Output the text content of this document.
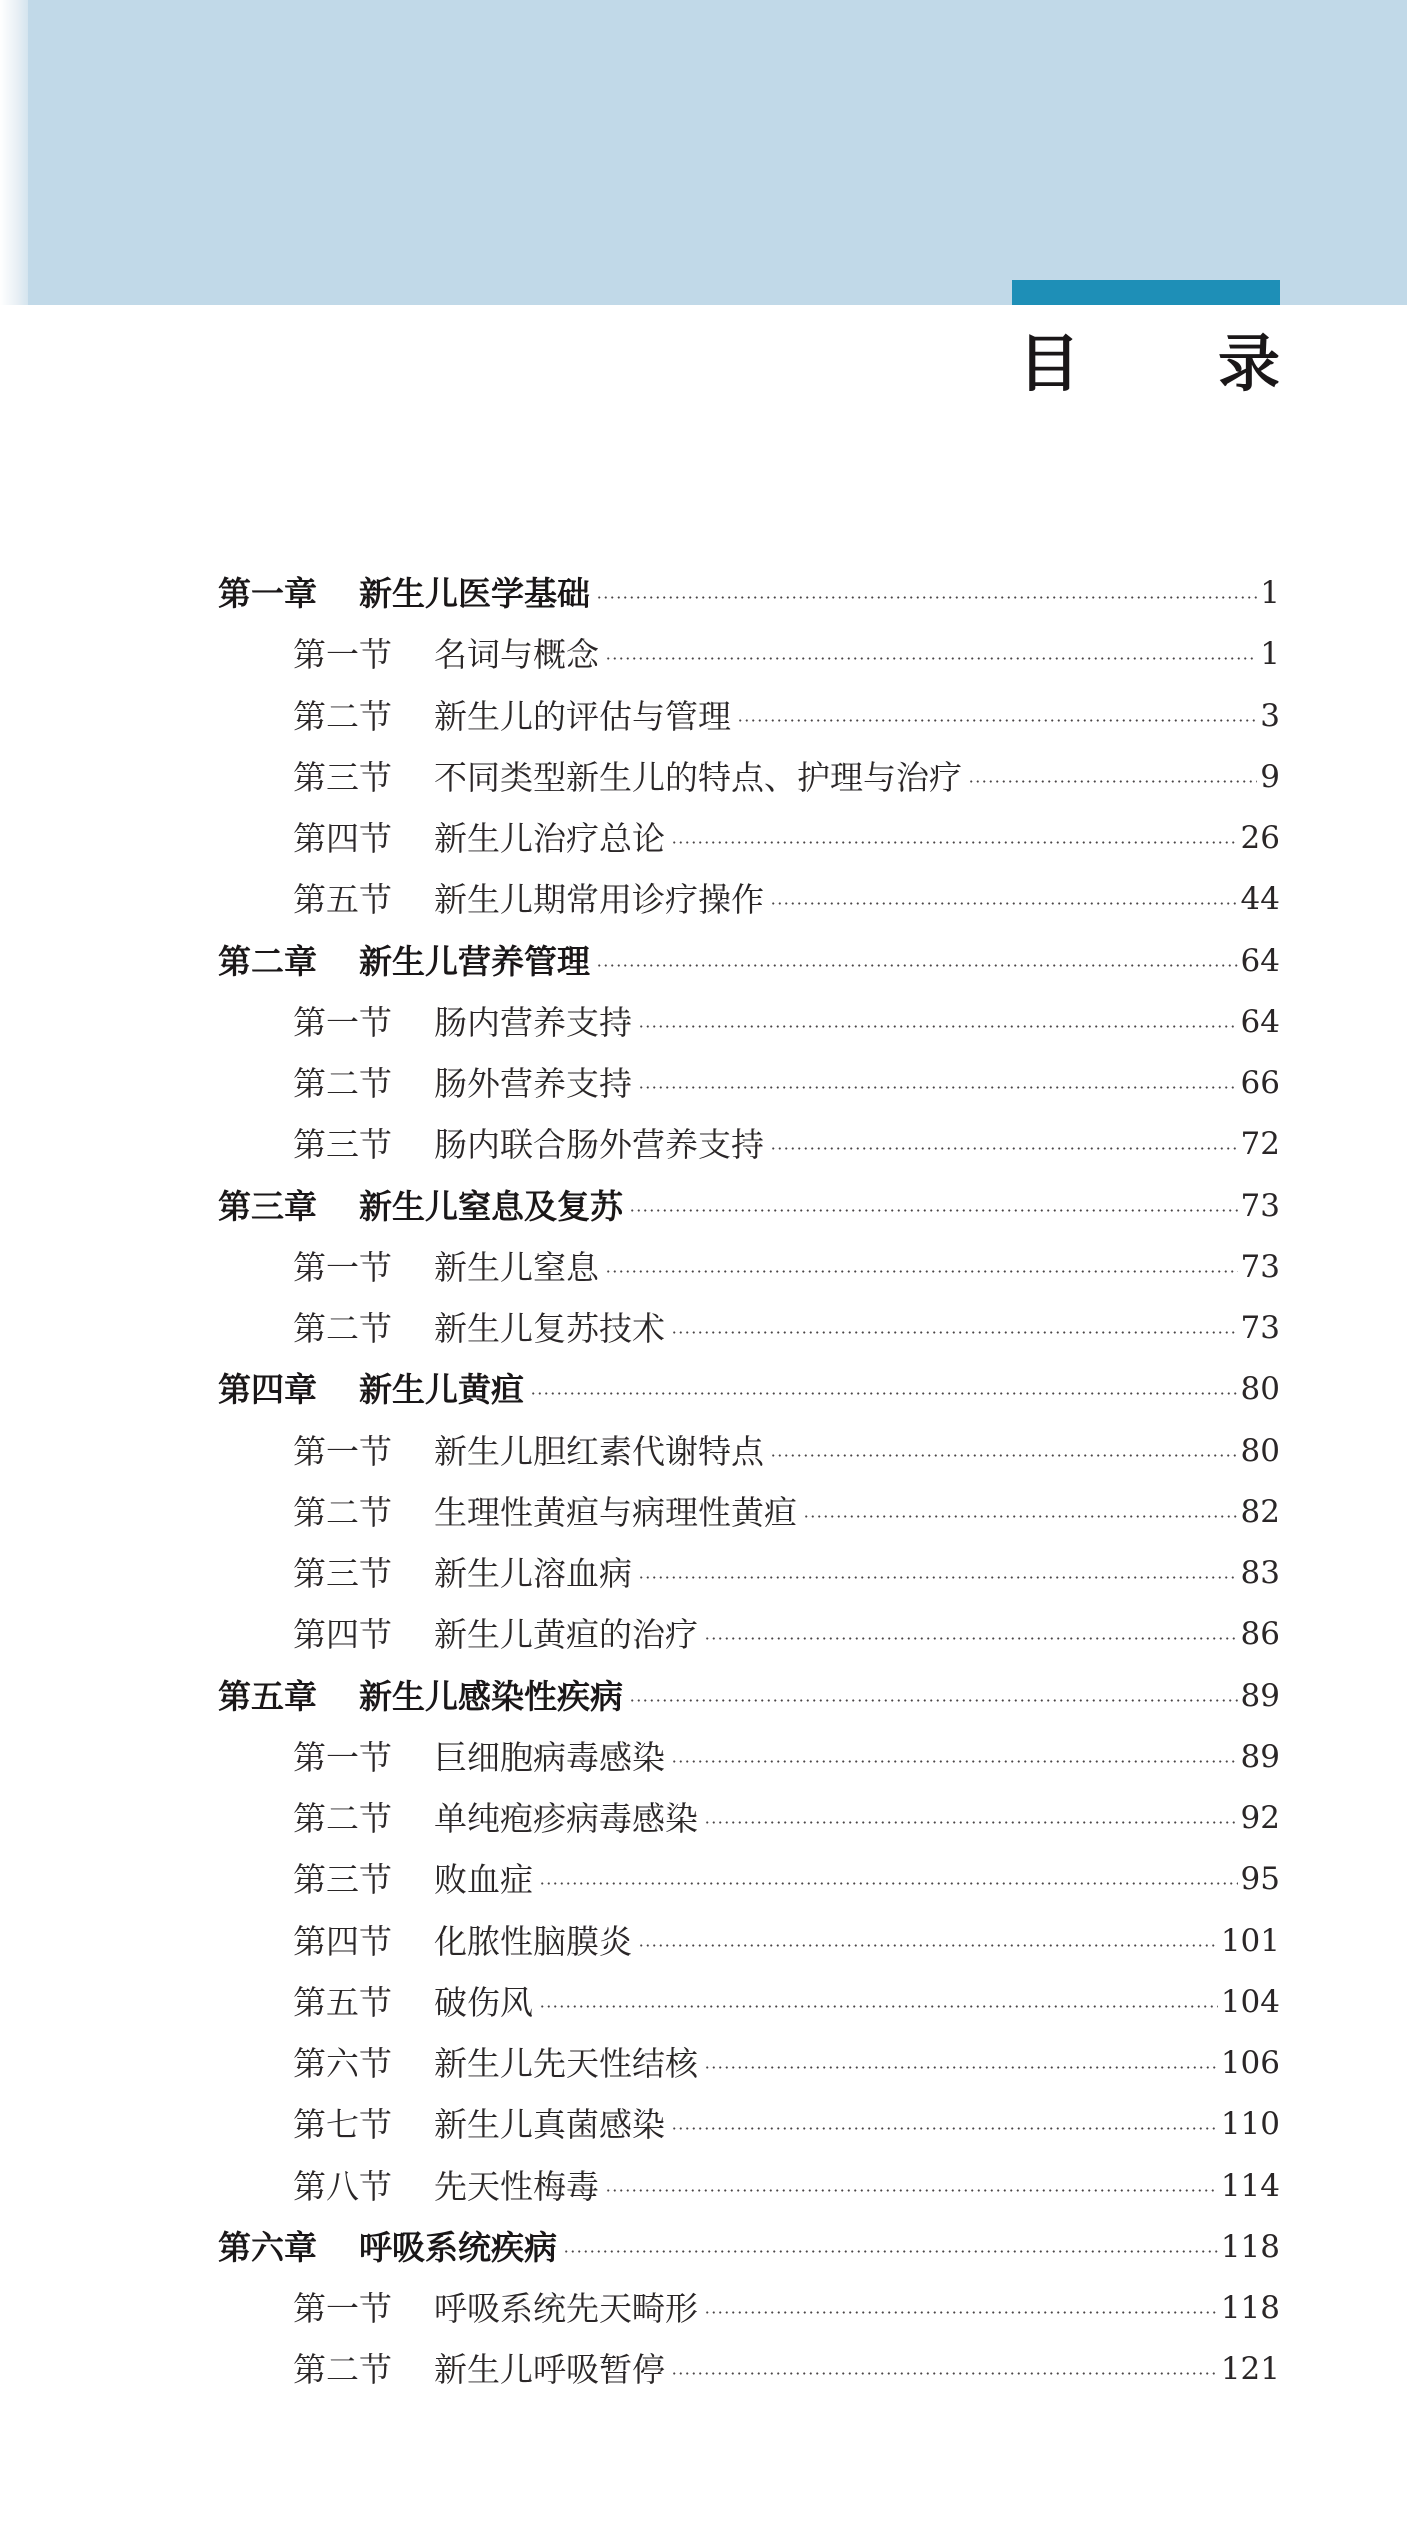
目 录
第一章 新生儿医学基础	1
第一节 名词与概念	1
第二节 新生儿的评估与管理	3
第三节 不同类型新生儿的特点、护理与治疗	9
第四节 新生儿治疗总论	26
第五节 新生儿期常用诊疗操作	44
第二章 新生儿营养管理	64
第一节 肠内营养支持	64
第二节 肠外营养支持	66
第三节 肠内联合肠外营养支持	72
第三章 新生儿窒息及复苏	73
第一节 新生儿窒息	73
第二节 新生儿复苏技术	73
第四章 新生儿黄疸	80
第一节 新生儿胆红素代谢特点	80
第二节 生理性黄疸与病理性黄疸	82
第三节 新生儿溶血病	83
第四节 新生儿黄疸的治疗	86
第五章 新生儿感染性疾病	89
第一节 巨细胞病毒感染	89
第二节 单纯疱疹病毒感染	92
第三节 败血症	95
第四节 化脓性脑膜炎	101
第五节 破伤风	104
第六节 新生儿先天性结核	106
第七节 新生儿真菌感染	110
第八节 先天性梅毒	114
第六章 呼吸系统疾病	118
第一节 呼吸系统先天畸形	118
第二节 新生儿呼吸暂停	121
